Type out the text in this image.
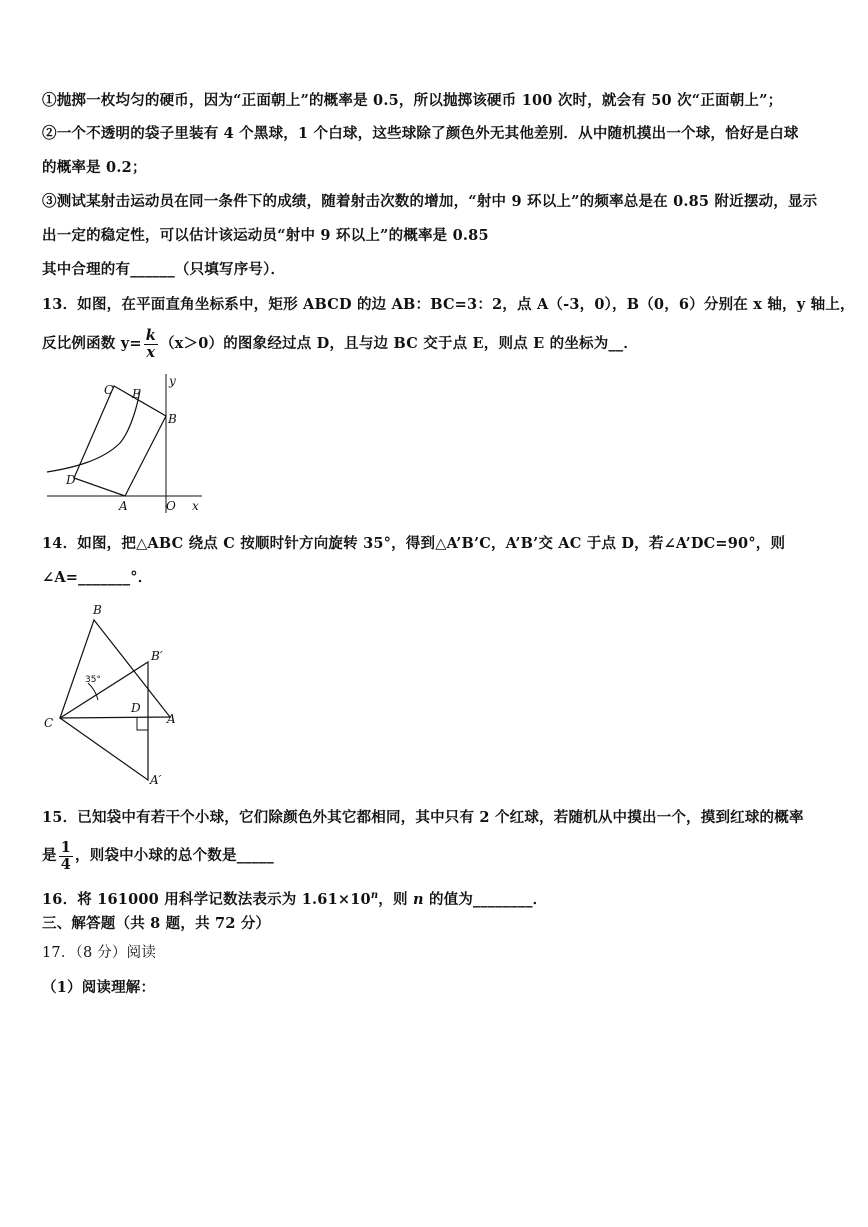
①抛掷一枚均匀的硬币，因为“正面朝上”的概率是 0.5，所以抛掷该硬币 100 次时，就会有 50 次“正面朝上”；
②一个不透明的袋子里装有 4 个黑球，1 个白球，这些球除了颜色外无其他差别．从中随机摸出一个球，恰好是白球
的概率是 0.2；
③测试某射击运动员在同一条件下的成绩，随着射击次数的增加，“射中 9 环以上”的频率总是在 0.85 附近摆动，显示
出一定的稳定性，可以估计该运动员“射中 9 环以上”的概率是 0.85
其中合理的有______（只填写序号）．
13．如图，在平面直角坐标系中，矩形 ABCD 的边 AB：BC=3：2，点 A（-3，0），B（0，6）分别在 x 轴，y 轴上，
反比例函数 $y= \frac{k}{x} (x>0)$的图象经过点 D，且与边 BC 交于点 E，则点 E 的坐标为__．
C E
y
B
D
A	O x
14．如图，把△ABC 绕点 C 按顺时针方向旋转 35°，得到△A’B’C，A’B’交 AC 于点 D，若∠A’DC=90°，则
∠A=_______°．
B
B′
35°
D
C	A
A′
15．已知袋中有若干个小球，它们除颜色外其它都相同，其中只有 2 个红球，若随机从中摸出一个，摸到红球的概率
是 $\frac{1}{4}$ ，则袋中小球的总个数是_____
16．将 161000 用科学记数法表示为 $1.61\times 10^n$，则 n 的值为________．
三、解答题（共 8 题，共 72 分）
17．（8 分）阅读
（1）阅读理解：
